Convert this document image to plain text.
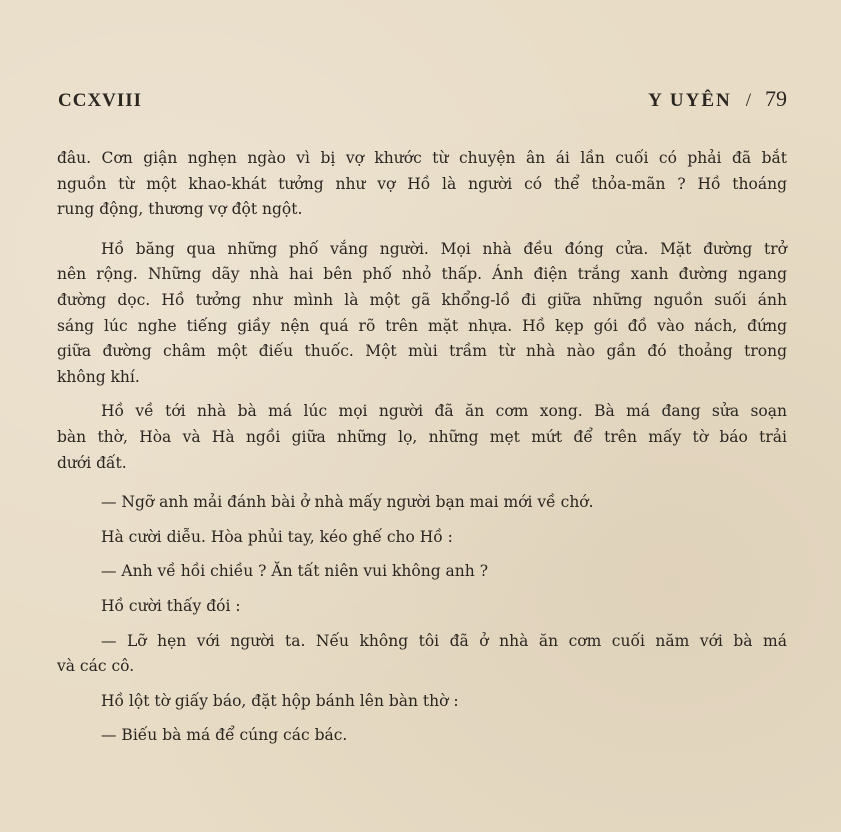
CCXVIII	Y UYÊN / 79

đâu. Cơn giận nghẹn ngào vì bị vợ khước từ chuyện ân ái lần cuối có phải đã bắt
nguồn từ một khao-khát tưởng như vợ Hồ là người có thể thỏa-mãn ? Hồ thoáng
rung động, thương vợ đột ngột.

Hồ băng qua những phố vắng người. Mọi nhà đều đóng cửa. Mặt đường trở
nên rộng. Những dãy nhà hai bên phố nhỏ thấp. Ánh điện trắng xanh đường ngang
đường dọc. Hồ tưởng như mình là một gã khổng-lồ đi giữa những nguồn suối ánh
sáng lúc nghe tiếng giầy nện quá rõ trên mặt nhựa. Hồ kẹp gói đồ vào nách, đứng
giữa đường châm một điếu thuốc. Một mùi trầm từ nhà nào gần đó thoảng trong
không khí.

Hồ về tới nhà bà má lúc mọi người đã ăn cơm xong. Bà má đang sửa soạn
bàn thờ, Hòa và Hà ngồi giữa những lọ, những mẹt mứt để trên mấy tờ báo trải
dưới đất.

— Ngỡ anh mải đánh bài ở nhà mấy người bạn mai mới về chớ.

Hà cười diễu. Hòa phủi tay, kéo ghế cho Hồ :

— Anh về hồi chiều ? Ăn tất niên vui không anh ?

Hồ cười thấy đói :

— Lỡ hẹn với người ta. Nếu không tôi đã ở nhà ăn cơm cuối năm với bà má
và các cô.

Hồ lột tờ giấy báo, đặt hộp bánh lên bàn thờ :

— Biếu bà má để cúng các bác.
